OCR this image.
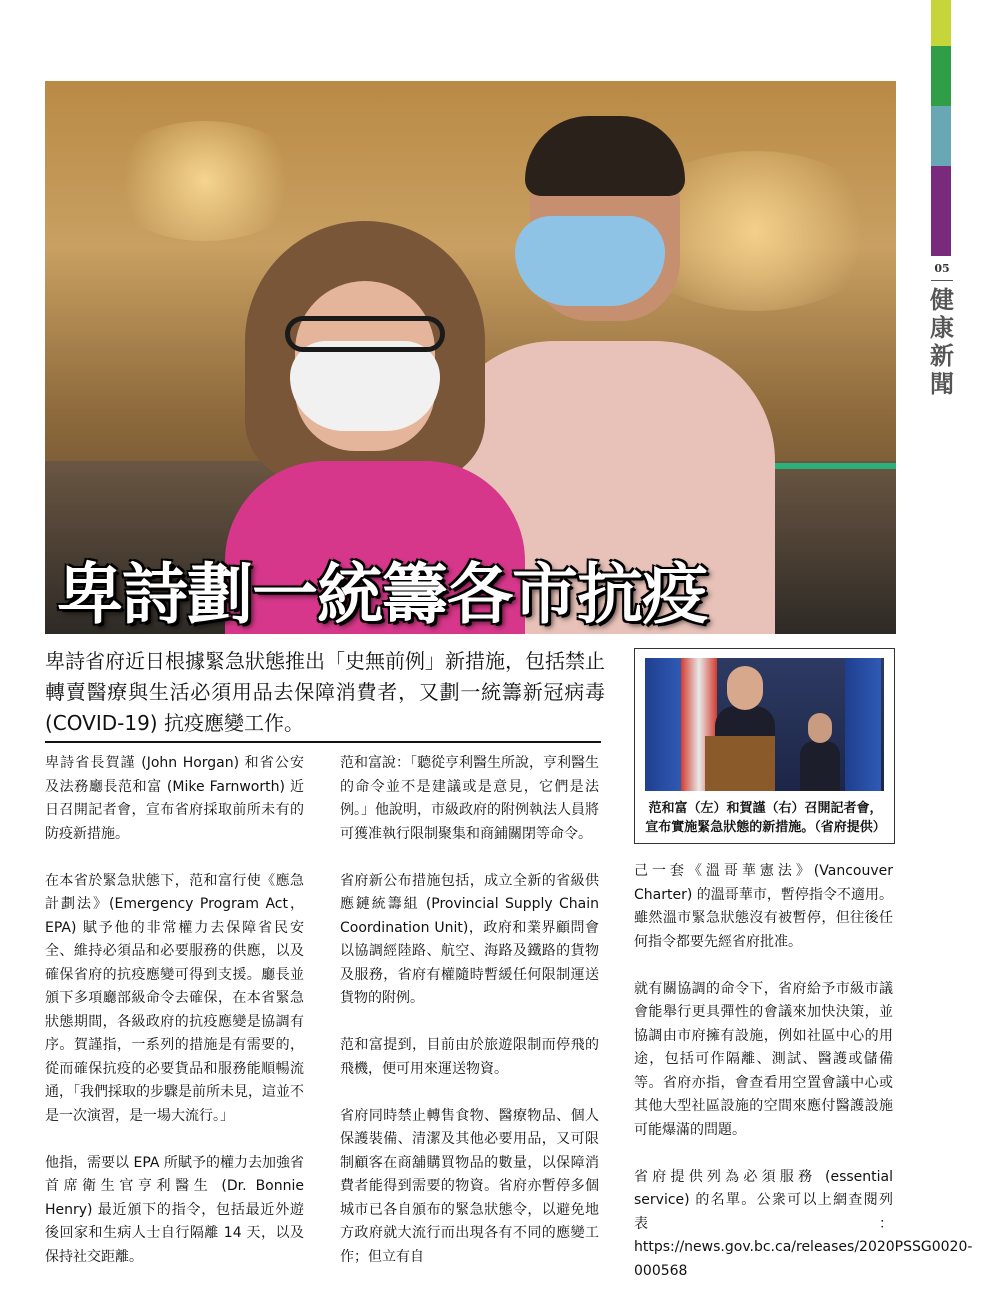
05
健
康
新
聞
卑詩劃一統籌各市抗疫
卑詩省府近日根據緊急狀態推出「史無前例」新措施，包括禁止轉賣醫療與生活必須用品去保障消費者，又劃一統籌新冠病毒 (COVID-19) 抗疫應變工作。
范和富（左）和賀謹（右）召開記者會，宣布實施緊急狀態的新措施。（省府提供）

卑詩省長賀謹 (John Horgan) 和省公安及法務廳長范和富 (Mike Farnworth) 近日召開記者會，宣布省府採取前所未有的防疫新措施。

在本省於緊急狀態下，范和富行使《應急計劃法》(Emergency Program Act，EPA) 賦予他的非常權力去保障省民安全、維持必須品和必要服務的供應，以及確保省府的抗疫應變可得到支援。廳長並頒下多項廳部級命令去確保，在本省緊急狀態期間，各級政府的抗疫應變是協調有序。賀謹指，一系列的措施是有需要的，從而確保抗疫的必要貨品和服務能順暢流通，「我們採取的步驟是前所未見，這並不是一次演習，是一場大流行。」

他指，需要以 EPA 所賦予的權力去加強省首席衛生官亨利醫生 (Dr. Bonnie Henry) 最近頒下的指令，包括最近外遊後回家和生病人士自行隔離 14 天，以及保持社交距離。

范和富說：「聽從亨利醫生所說，亨利醫生的命令並不是建議或是意見，它們是法例。」他說明，市級政府的附例執法人員將可獲准執行限制聚集和商鋪關閉等命令。

省府新公布措施包括，成立全新的省級供應鏈統籌組 (Provincial Supply Chain Coordination Unit)，政府和業界顧問會以協調經陸路、航空、海路及鐵路的貨物及服務，省府有權隨時暫緩任何限制運送貨物的附例。

范和富提到，目前由於旅遊限制而停飛的飛機，便可用來運送物資。

省府同時禁止轉售食物、醫療物品、個人保護裝備、清潔及其他必要用品，又可限制顧客在商舖購買物品的數量，以保障消費者能得到需要的物資。省府亦暫停多個城市已各自頒布的緊急狀態令，以避免地方政府就大流行而出現各有不同的應變工作；但立有自

己一套《溫哥華憲法》(Vancouver Charter) 的溫哥華市，暫停指令不適用。雖然溫市緊急狀態沒有被暫停，但往後任何指令都要先經省府批准。

就有關協調的命令下，省府給予市級市議會能舉行更具彈性的會議來加快決策，並協調由市府擁有設施，例如社區中心的用途，包括可作隔離、測試、醫護或儲備等。省府亦指，會查看用空置會議中心或其他大型社區設施的空間來應付醫護設施可能爆滿的問題。

省府提供列為必須服務 (essential service) 的名單。公衆可以上網查閱列表：https://news.gov.bc.ca/releases/2020PSSG0020-000568
